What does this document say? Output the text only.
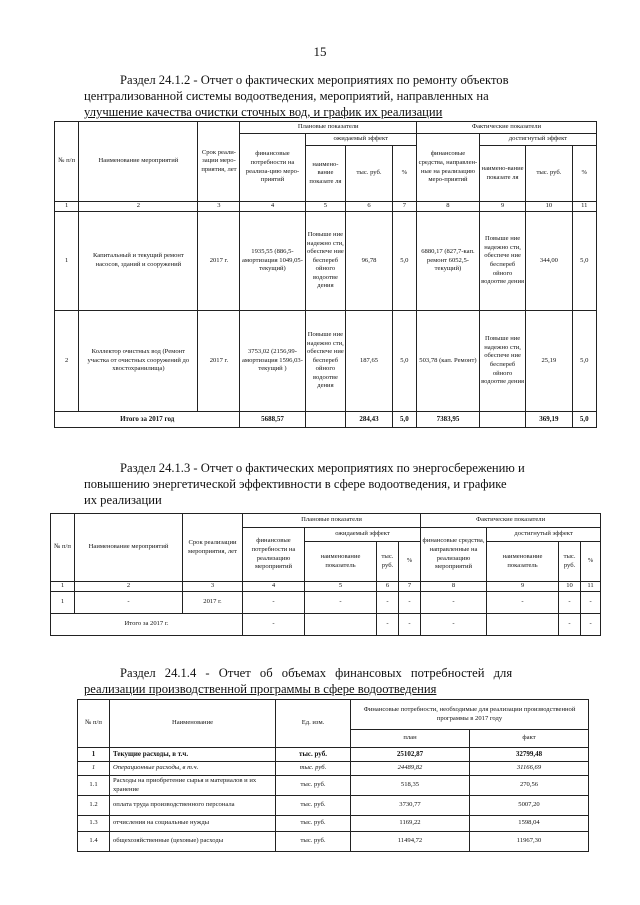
15
Раздел 24.1.2 - Отчет о фактических мероприятиях по ремонту объектов
централизованной системы водоотведения, мероприятий, направленных на
улучшение качества очистки сточных вод, и график их реализации
№ п/п	Наименование мероприятий	Срок реали-зации меро-приятия, лет	Плановые показатели				Фактические показатели			
			финансовые потребности на реализа-цию меро-приятий	ожидаемый эффект			финансовые средства, направлен-ные на реализацию меро-приятий	достигнутый эффект		
				наимено-вание показате ля	тыс. руб.	%		наимено-вание показате ля	тыс. руб.	%
1	2	3	4	5	6	7	8	9	10	11
1	Капитальный и текущий ремонт насосов, зданий и сооружений	2017 г.	1935,55 (886,5-амортизация 1049,05-текущий)	Повыше ние надежно сти, обеспече ние беспереб ойного водоотве дения	96,78	5,0	6880,17 (827,7-кап. ремонт 6052,5-текущий)	Повыше ние надежно сти, обеспече ние беспереб ойного водоотве дения	344,00	5,0
2	Коллектор очистных вод (Ремонт участка от очистных сооружений до хвостохранилища)	2017 г.	3753,02 (2156,99-амортизация 1596,03-текущий )	Повыше ние надежно сти, обеспече ние беспереб ойного водоотве дения	187,65	5,0	503,78 (кап. Ремонт)	Повыше ние надежно сти, обеспече ние беспереб ойного водоотве дения	25,19	5,0
Итого за 2017 год			5688,57		284,43	5,0	7383,95		369,19	5,0
Раздел 24.1.3 - Отчет о фактических мероприятиях по энергосбережению и
повышению энергетической эффективности в сфере водоотведения, и графике
их реализации
№ п/п	Наименование мероприятий	Срок реализации мероприятия, лет	Плановые показатели				Фактические показатели			
			финансовые потребности на реализацию мероприятий	ожидаемый эффект			финансовые средства, направленные на реализацию мероприятий	достигнутый эффект		
				наименование показатель	тыс. руб.	%		наименование показатель	тыс. руб.	%
1	2	3	4	5	6	7	8	9	10	11
1	-	2017 г.	-	-	-	-	-	-	-	-
Итого за 2017 г.			-		-	-	-		-	-
Раздел 24.1.4 - Отчет об объемах финансовых потребностей для
реализации производственной программы в сфере водоотведения
№ п/п	Наименование	Ед. изм.	Финансовые потребности, необходимые для реализации производственной программы в 2017 году	
			план	факт
1	Текущие расходы, в т.ч.	тыс. руб.	25102,87	32799,48
1	Операционные расходы, в т.ч.	тыс. руб.	24489,82	31166,69
1.1	Расходы на приобретение сырья и материалов и их хранение	тыс. руб.	518,35	270,56
1.2	оплата труда производственного персонала	тыс. руб.	3730,77	5007,20
1.3	отчисления на социальные нужды	тыс. руб.	1169,22	1598,04
1.4	общехозяйственные (цеховые) расходы	тыс. руб.	11494,72	11967,30
